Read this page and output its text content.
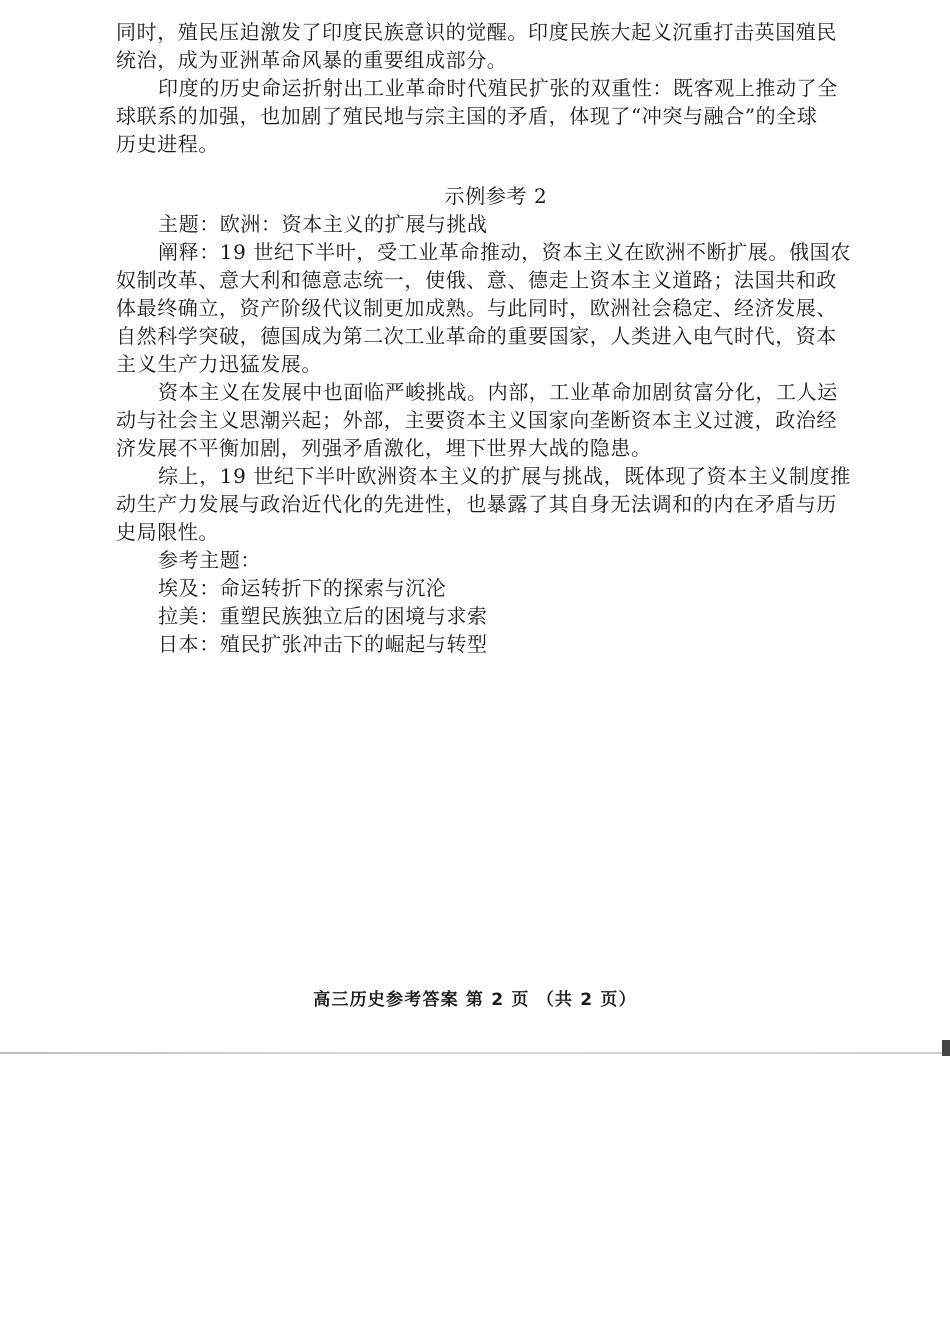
同时，殖民压迫激发了印度民族意识的觉醒。印度民族大起义沉重打击英国殖民
统治，成为亚洲革命风暴的重要组成部分。

印度的历史命运折射出工业革命时代殖民扩张的双重性：既客观上推动了全
球联系的加强，也加剧了殖民地与宗主国的矛盾，体现了“冲突与融合”的全球
历史进程。

示例参考 2

主题：欧洲：资本主义的扩展与挑战

阐释：19 世纪下半叶，受工业革命推动，资本主义在欧洲不断扩展。俄国农
奴制改革、意大利和德意志统一，使俄、意、德走上资本主义道路；法国共和政
体最终确立，资产阶级代议制更加成熟。与此同时，欧洲社会稳定、经济发展、
自然科学突破，德国成为第二次工业革命的重要国家，人类进入电气时代，资本
主义生产力迅猛发展。

资本主义在发展中也面临严峻挑战。内部，工业革命加剧贫富分化，工人运
动与社会主义思潮兴起；外部，主要资本主义国家向垄断资本主义过渡，政治经
济发展不平衡加剧，列强矛盾激化，埋下世界大战的隐患。

综上，19 世纪下半叶欧洲资本主义的扩展与挑战，既体现了资本主义制度推
动生产力发展与政治近代化的先进性，也暴露了其自身无法调和的内在矛盾与历
史局限性。

参考主题：

埃及：命运转折下的探索与沉沦

拉美：重塑民族独立后的困境与求索

日本：殖民扩张冲击下的崛起与转型

高三历史参考答案 第 2 页 （共 2 页）
